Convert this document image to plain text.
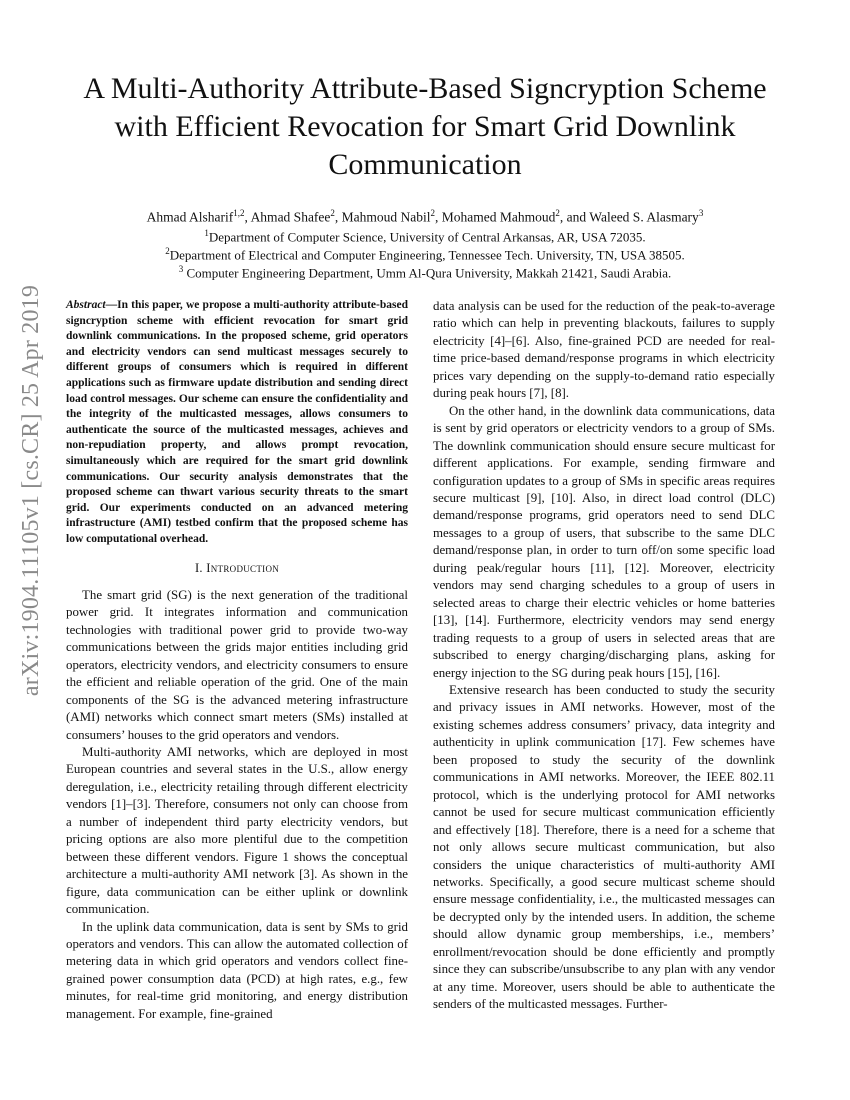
arXiv:1904.11105v1 [cs.CR] 25 Apr 2019
A Multi-Authority Attribute-Based Signcryption Scheme with Efficient Revocation for Smart Grid Downlink Communication
Ahmad Alsharif$^{1,2}$, Ahmad Shafee$^2$, Mahmoud Nabil$^2$, Mohamed Mahmoud$^2$, and Waleed S. Alasmary$^3$
$^1$Department of Computer Science, University of Central Arkansas, AR, USA 72035.
$^2$Department of Electrical and Computer Engineering, Tennessee Tech. University, TN, USA 38505.
$^3$ Computer Engineering Department, Umm Al-Qura University, Makkah 21421, Saudi Arabia.
Abstract—In this paper, we propose a multi-authority attribute-based signcryption scheme with efficient revocation for smart grid downlink communications. In the proposed scheme, grid operators and electricity vendors can send multicast messages securely to different groups of consumers which is required in different applications such as firmware update distribution and sending direct load control messages. Our scheme can ensure the confidentiality and the integrity of the multicasted messages, allows consumers to authenticate the source of the multicasted messages, achieves and non-repudiation property, and allows prompt revocation, simultaneously which are required for the smart grid downlink communications. Our security analysis demonstrates that the proposed scheme can thwart various security threats to the smart grid. Our experiments conducted on an advanced metering infrastructure (AMI) testbed confirm that the proposed scheme has low computational overhead.
I. Introduction

The smart grid (SG) is the next generation of the traditional power grid. It integrates information and communication technologies with traditional power grid to provide two-way communications between the grids major entities including grid operators, electricity vendors, and electricity consumers to ensure the efficient and reliable operation of the grid. One of the main components of the SG is the advanced metering infrastructure (AMI) networks which connect smart meters (SMs) installed at consumers’ houses to the grid operators and vendors.

Multi-authority AMI networks, which are deployed in most European countries and several states in the U.S., allow energy deregulation, i.e., electricity retailing through different electricity vendors [1]–[3]. Therefore, consumers not only can choose from a number of independent third party electricity vendors, but pricing options are also more plentiful due to the competition between these different vendors. Figure 1 shows the conceptual architecture a multi-authority AMI network [3]. As shown in the figure, data communication can be either uplink or downlink communication.

In the uplink data communication, data is sent by SMs to grid operators and vendors. This can allow the automated collection of metering data in which grid operators and vendors collect fine-grained power consumption data (PCD) at high rates, e.g., few minutes, for real-time grid monitoring, and energy distribution management. For example, fine-grained

data analysis can be used for the reduction of the peak-to-average ratio which can help in preventing blackouts, failures to supply electricity [4]–[6]. Also, fine-grained PCD are needed for real-time price-based demand/response programs in which electricity prices vary depending on the supply-to-demand ratio especially during peak hours [7], [8].

On the other hand, in the downlink data communications, data is sent by grid operators or electricity vendors to a group of SMs. The downlink communication should ensure secure multicast for different applications. For example, sending firmware and configuration updates to a group of SMs in specific areas requires secure multicast [9], [10]. Also, in direct load control (DLC) demand/response programs, grid operators need to send DLC messages to a group of users, that subscribe to the same DLC demand/response plan, in order to turn off/on some specific load during peak/regular hours [11], [12]. Moreover, electricity vendors may send charging schedules to a group of users in selected areas to charge their electric vehicles or home batteries [13], [14]. Furthermore, electricity vendors may send energy trading requests to a group of users in selected areas that are subscribed to energy charging/discharging plans, asking for energy injection to the SG during peak hours [15], [16].

Extensive research has been conducted to study the security and privacy issues in AMI networks. However, most of the existing schemes address consumers’ privacy, data integrity and authenticity in uplink communication [17]. Few schemes have been proposed to study the security of the downlink communications in AMI networks. Moreover, the IEEE 802.11 protocol, which is the underlying protocol for AMI networks cannot be used for secure multicast communication efficiently and effectively [18]. Therefore, there is a need for a scheme that not only allows secure multicast communication, but also considers the unique characteristics of multi-authority AMI networks. Specifically, a good secure multicast scheme should ensure message confidentiality, i.e., the multicasted messages can be decrypted only by the intended users. In addition, the scheme should allow dynamic group memberships, i.e., members’ enrollment/revocation should be done efficiently and promptly since they can subscribe/unsubscribe to any plan with any vendor at any time. Moreover, users should be able to authenticate the senders of the multicasted messages. Further-
